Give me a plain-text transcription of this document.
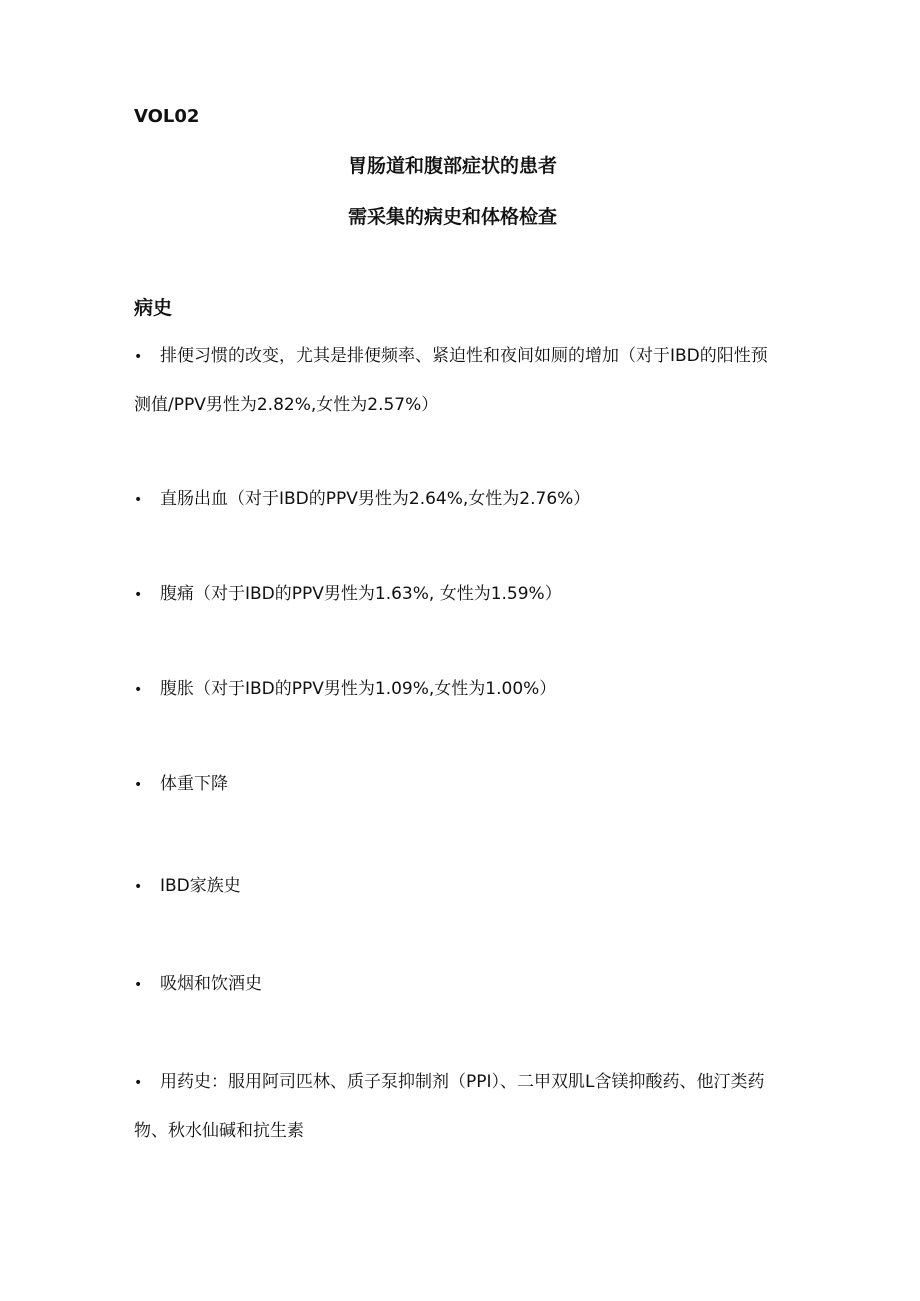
VOL02

胃肠道和腹部症状的患者

需采集的病史和体格检查

病史

• 排便习惯的改变，尤其是排便频率、紧迫性和夜间如厕的增加（对于IBD的阳性预测值/PPV男性为2.82%,女性为2.57%）

• 直肠出血（对于IBD的PPV男性为2.64%,女性为2.76%）

• 腹痛（对于IBD的PPV男性为1.63%, 女性为1.59%）

• 腹胀（对于IBD的PPV男性为1.09%,女性为1.00%）

• 体重下降

• IBD家族史

• 吸烟和饮酒史

• 用药史：服用阿司匹林、质子泵抑制剂（PPI）、二甲双肌L含镁抑酸药、他汀类药物、秋水仙碱和抗生素
